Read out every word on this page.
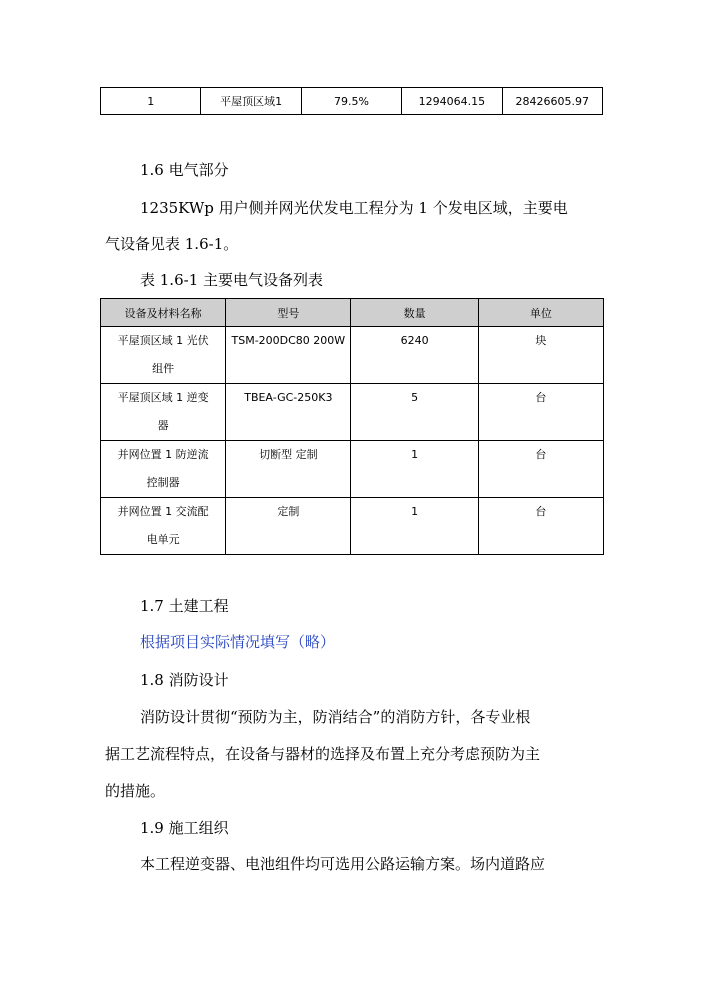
1	平屋顶区域1	79.5%	1294064.15	28426605.97
1.6 电气部分
1235KWp 用户侧并网光伏发电工程分为 1 个发电区域，主要电
气设备见表 1.6-1。
表 1.6-1 主要电气设备列表
设备及材料名称	型号	数量	单位

平屋顶区域 1 光伏
组件	TSM-200DC80 200W	6240	块

平屋顶区域 1 逆变
器	TBEA-GC-250K3	5	台

并网位置 1 防逆流
控制器	切断型 定制	1	台

并网位置 1 交流配
电单元	定制	1	台
1.7 土建工程
根据项目实际情况填写（略）
1.8 消防设计
消防设计贯彻“预防为主，防消结合”的消防方针，各专业根
据工艺流程特点，在设备与器材的选择及布置上充分考虑预防为主
的措施。
1.9 施工组织
本工程逆变器、电池组件均可选用公路运输方案。场内道路应
